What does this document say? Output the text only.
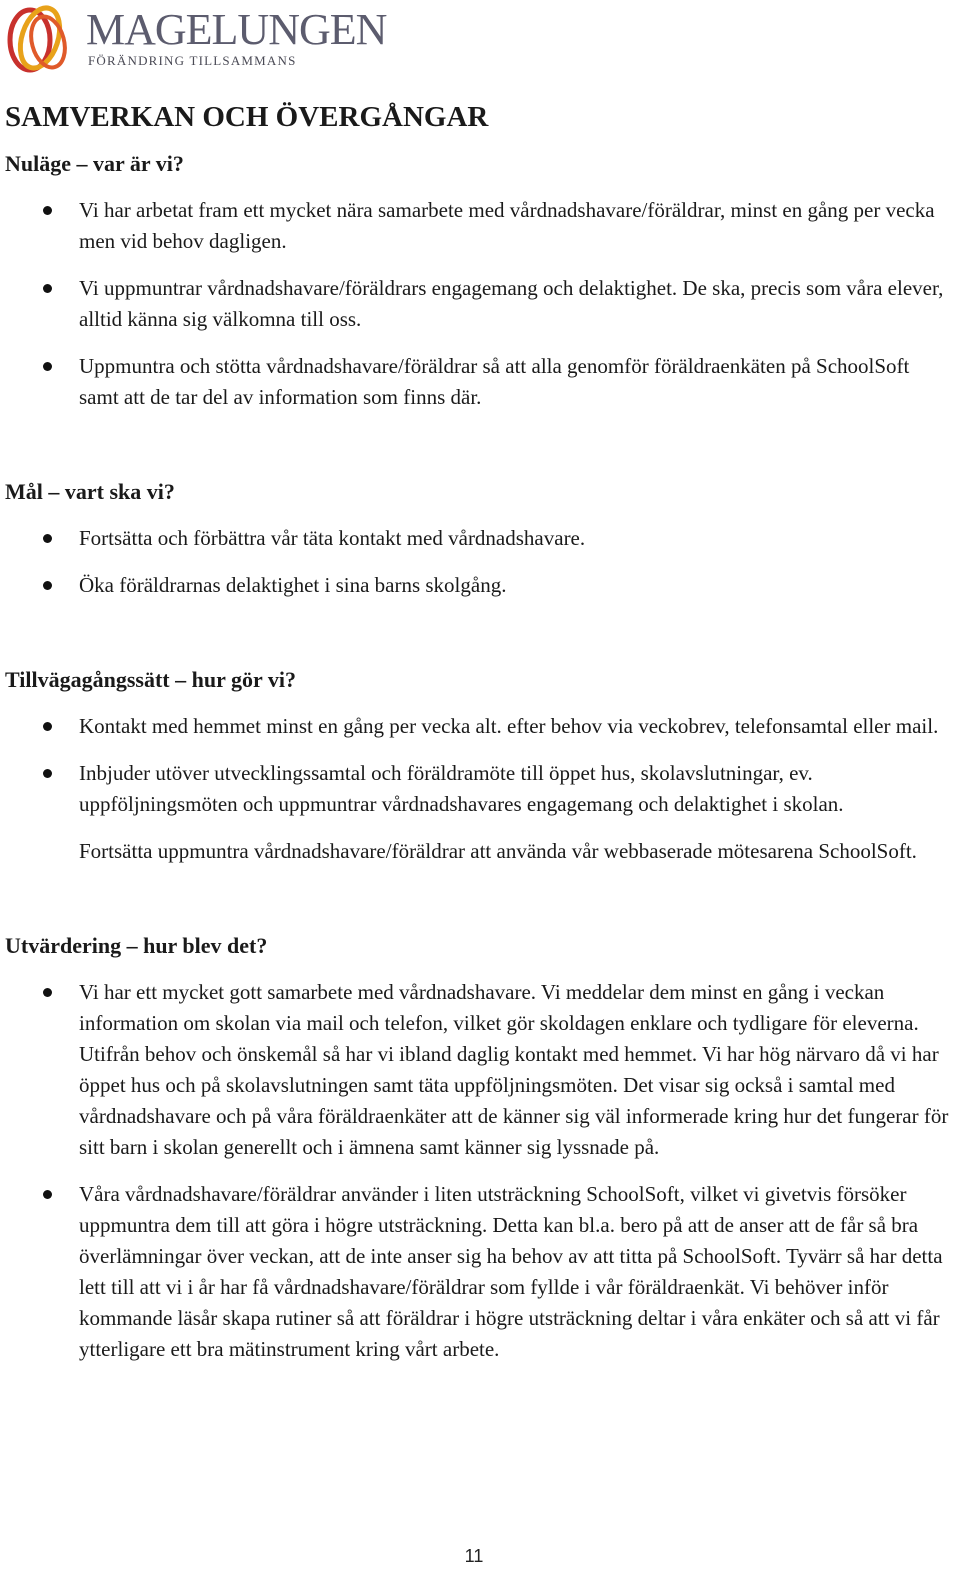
MAGELUNGEN
FÖRÄNDRING TILLSAMMANS
SAMVERKAN OCH ÖVERGÅNGAR
Nuläge – var är vi?
Vi har arbetat fram ett mycket nära samarbete med vårdnadshavare/föräldrar, minst en gång per vecka men vid behov dagligen.
Vi uppmuntrar vårdnadshavare/föräldrars engagemang och delaktighet. De ska, precis som våra elever, alltid känna sig välkomna till oss.
Uppmuntra och stötta vårdnadshavare/föräldrar så att alla genomför föräldraenkäten på SchoolSoft samt att de tar del av information som finns där.
Mål – vart ska vi?
Fortsätta och förbättra vår täta kontakt med vårdnadshavare.
Öka föräldrarnas delaktighet i sina barns skolgång.
Tillvägagångssätt – hur gör vi?
Kontakt med hemmet minst en gång per vecka alt. efter behov via veckobrev, telefonsamtal eller mail.
Inbjuder utöver utvecklingssamtal och föräldramöte till öppet hus, skolavslutningar, ev. uppföljningsmöten och uppmuntrar vårdnadshavares engagemang och delaktighet i skolan.

Fortsätta uppmuntra vårdnadshavare/föräldrar att använda vår webbaserade mötesarena SchoolSoft.

Utvärdering – hur blev det?
Vi har ett mycket gott samarbete med vårdnadshavare. Vi meddelar dem minst en gång i veckan information om skolan via mail och telefon, vilket gör skoldagen enklare och tydligare för eleverna. Utifrån behov och önskemål så har vi ibland daglig kontakt med hemmet. Vi har hög närvaro då vi har öppet hus och på skolavslutningen samt täta uppföljningsmöten. Det visar sig också i samtal med vårdnadshavare och på våra föräldraenkäter att de känner sig väl informerade kring hur det fungerar för sitt barn i skolan generellt och i ämnena samt känner sig lyssnade på.
Våra vårdnadshavare/föräldrar använder i liten utsträckning SchoolSoft, vilket vi givetvis försöker uppmuntra dem till att göra i högre utsträckning. Detta kan bl.a. bero på att de anser att de får så bra överlämningar över veckan, att de inte anser sig ha behov av att titta på SchoolSoft. Tyvärr så har detta lett till att vi i år har få vårdnadshavare/föräldrar som fyllde i vår föräldraenkät. Vi behöver inför kommande läsår skapa rutiner så att föräldrar i högre utsträckning deltar i våra enkäter och så att vi får ytterligare ett bra mätinstrument kring vårt arbete.
11
